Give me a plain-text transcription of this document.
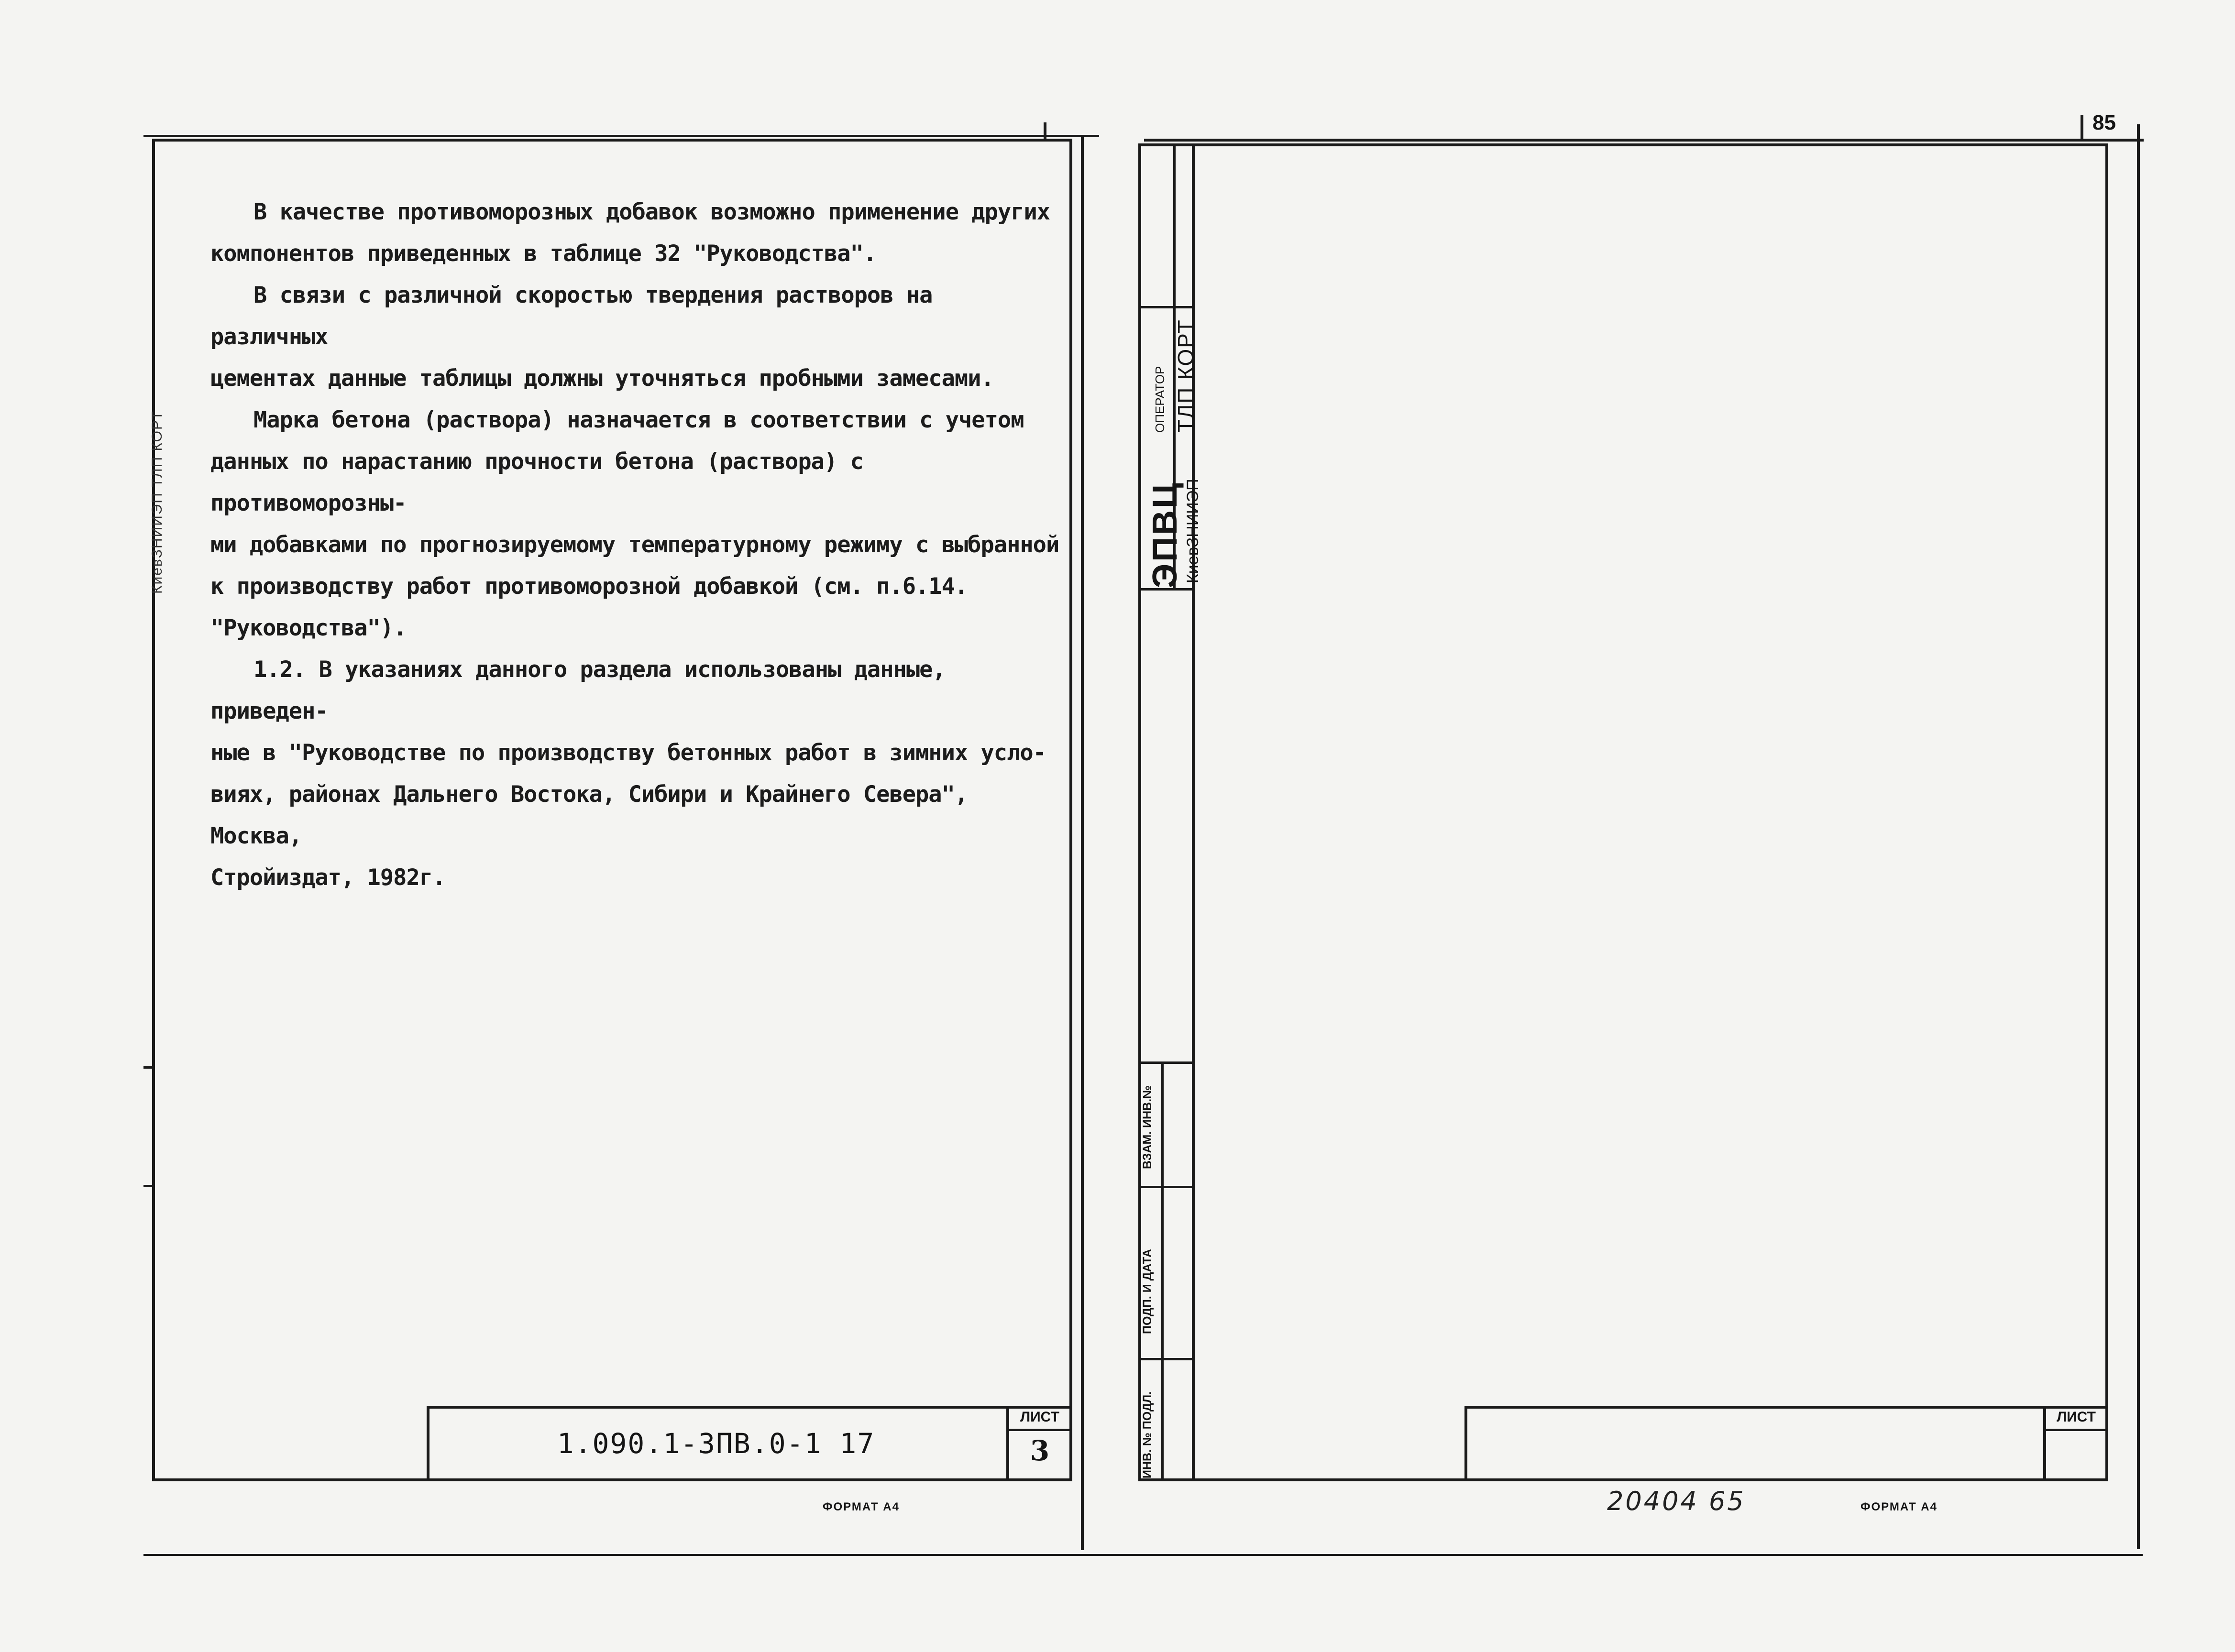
КиевЗНИИЭП ТЛП КОРТ
В качестве противоморозных добавок возможно применение других
компонентов приведенных в таблице 32 "Руководства".
В связи с различной скоростью твердения растворов на различных
цементах данные таблицы должны уточняться пробными замесами.
Марка бетона (раствора) назначается в соответствии с учетом
данных по нарастанию прочности бетона (раствора) с противоморозны-
ми добавками по прогнозируемому температурному режиму с выбранной
к производству работ противоморозной добавкой (см. п.6.14.
"Руководства").
1.2. В указаниях данного раздела использованы данные, приведен-
ные в "Руководстве по производству бетонных работ в зимних усло-
виях, районах Дальнего Востока, Сибири и Крайнего Севера", Москва,
Стройиздат, 1982г.
1.090.1-3ПВ.0-1 17
ЛИСТ
3
ФОРМАТ А4
85
ЭПВЦ КиевЗНИИЭП
ОПЕРАТОР ТЛП КОРТ
ВЗАМ. ИНВ.№
ПОДП. И ДАТА
ИНВ. № ПОДЛ.	ЛИСТ
20404 65	ФОРМАТ А4
